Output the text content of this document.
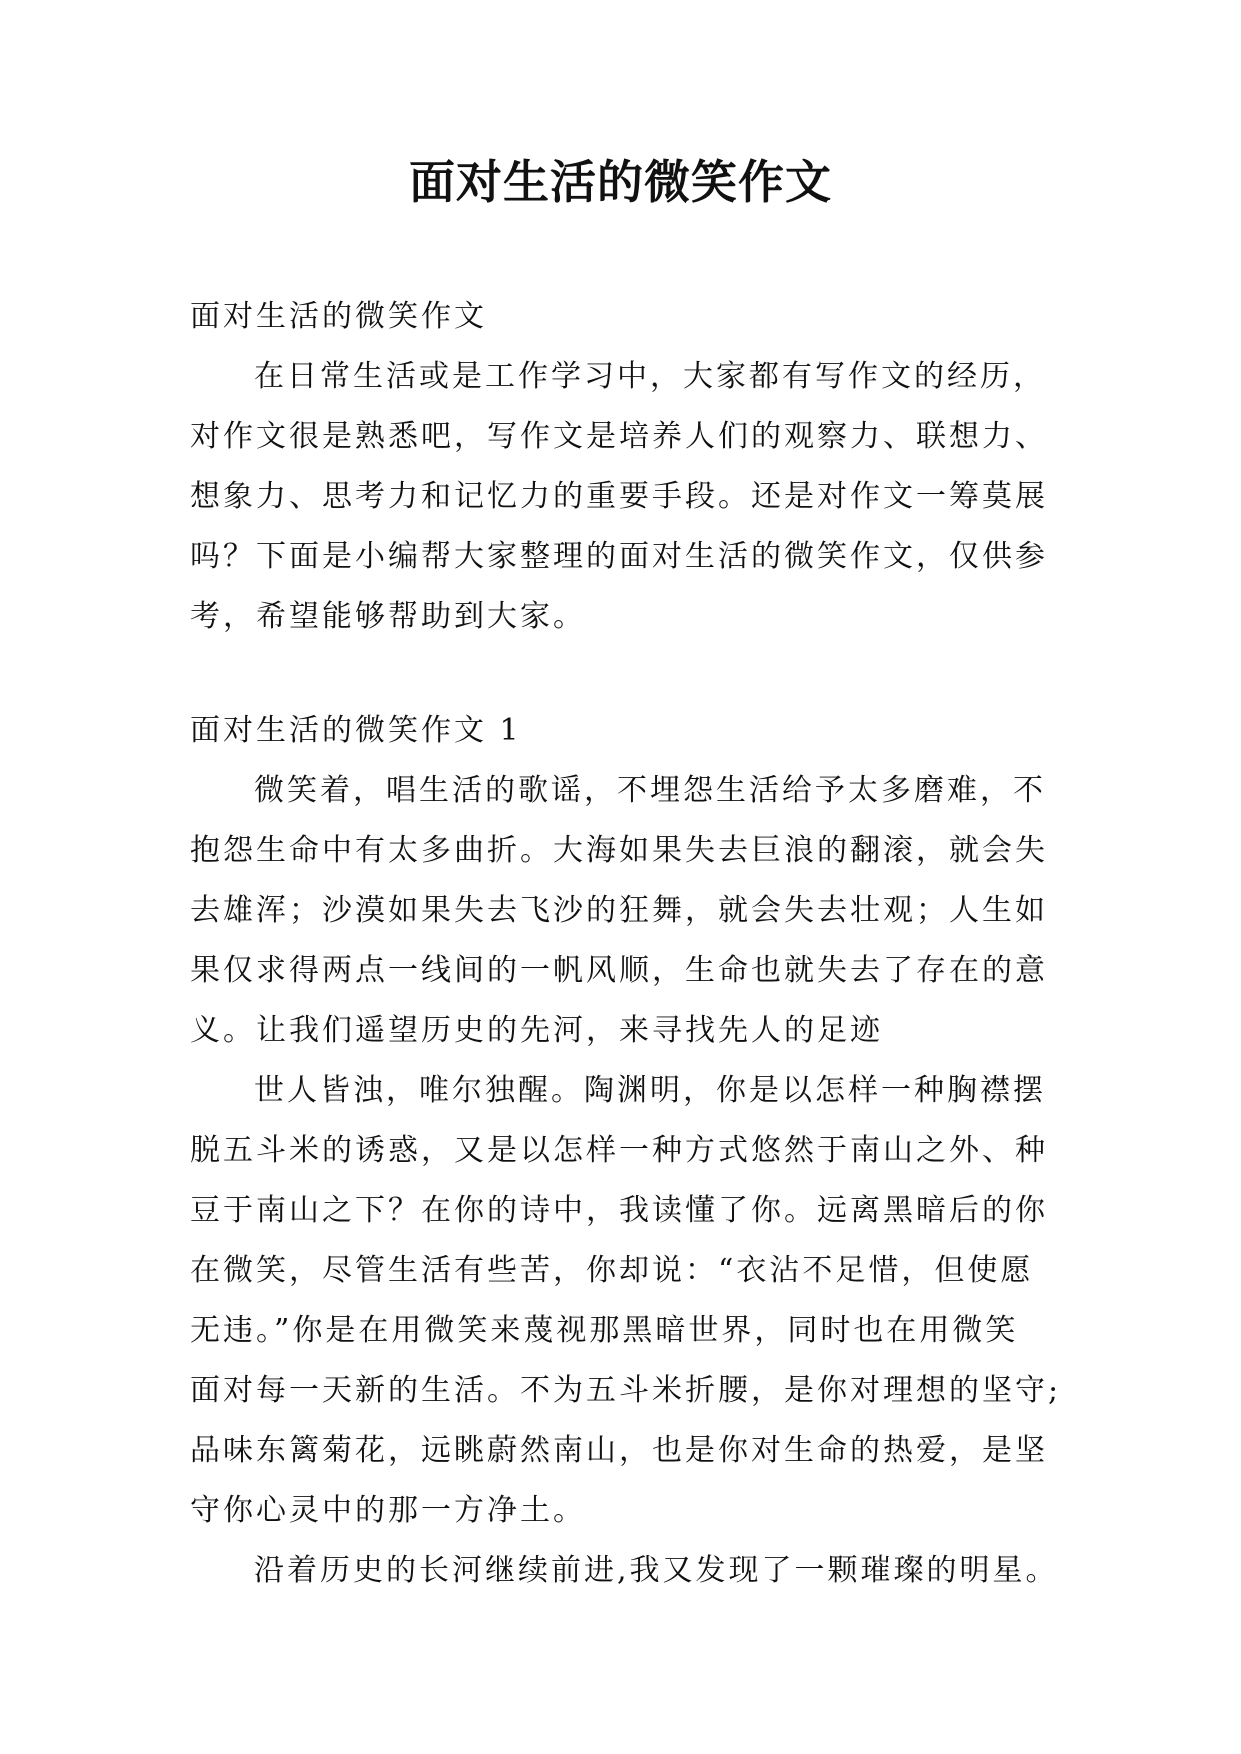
面对生活的微笑作文
面对生活的微笑作文
在日常生活或是工作学习中，大家都有写作文的经历，
对作文很是熟悉吧，写作文是培养人们的观察力、联想力、
想象力、思考力和记忆力的重要手段。还是对作文一筹莫展
吗？下面是小编帮大家整理的面对生活的微笑作文，仅供参
考，希望能够帮助到大家。
面对生活的微笑作文 1
微笑着，唱生活的歌谣，不埋怨生活给予太多磨难，不
抱怨生命中有太多曲折。大海如果失去巨浪的翻滚，就会失
去雄浑；沙漠如果失去飞沙的狂舞，就会失去壮观；人生如
果仅求得两点一线间的一帆风顺，生命也就失去了存在的意
义。让我们遥望历史的先河，来寻找先人的足迹
世人皆浊，唯尔独醒。陶渊明，你是以怎样一种胸襟摆
脱五斗米的诱惑，又是以怎样一种方式悠然于南山之外、种
豆于南山之下？在你的诗中，我读懂了你。远离黑暗后的你
在微笑，尽管生活有些苦，你却说：“衣沾不足惜，但使愿
无违。”你是在用微笑来蔑视那黑暗世界，同时也在用微笑
面对每一天新的生活。不为五斗米折腰，是你对理想的坚守;
品味东篱菊花，远眺蔚然南山，也是你对生命的热爱，是坚
守你心灵中的那一方净土。
沿着历史的长河继续前进,我又发现了一颗璀璨的明星。
